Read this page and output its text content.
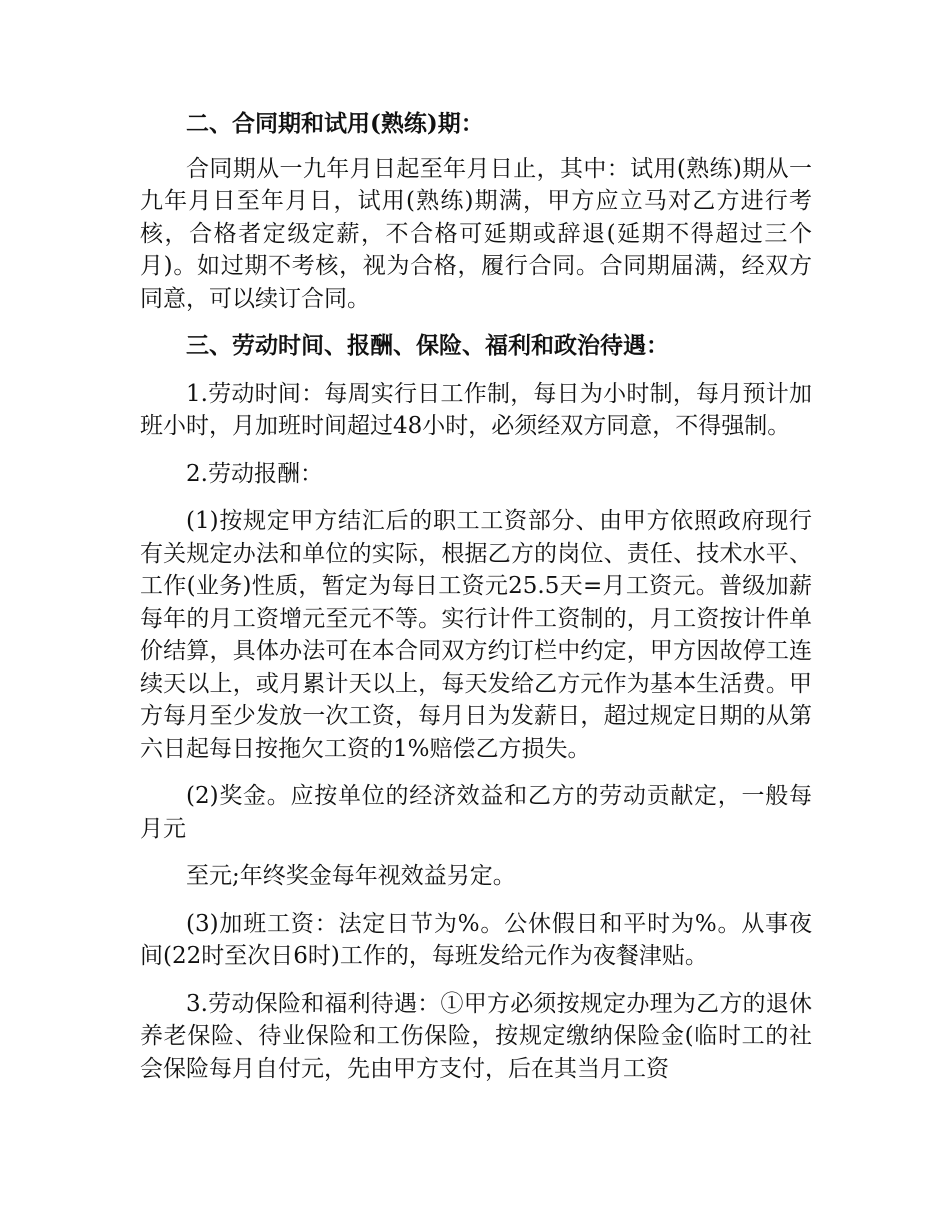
二、合同期和试用(熟练)期：

合同期从一九年月日起至年月日止，其中：试用(熟练)期从一九年月日至年月日，试用(熟练)期满，甲方应立马对乙方进行考核，合格者定级定薪，不合格可延期或辞退(延期不得超过三个月)。如过期不考核，视为合格，履行合同。合同期届满，经双方同意，可以续订合同。

三、劳动时间、报酬、保险、福利和政治待遇：

1.劳动时间：每周实行日工作制，每日为小时制，每月预计加班小时，月加班时间超过48小时，必须经双方同意，不得强制。

2.劳动报酬：

(1)按规定甲方结汇后的职工工资部分、由甲方依照政府现行有关规定办法和单位的实际，根据乙方的岗位、责任、技术水平、工作(业务)性质，暂定为每日工资元25.5天=月工资元。普级加薪每年的月工资增元至元不等。实行计件工资制的，月工资按计件单价结算，具体办法可在本合同双方约订栏中约定，甲方因故停工连续天以上，或月累计天以上，每天发给乙方元作为基本生活费。甲方每月至少发放一次工资，每月日为发薪日，超过规定日期的从第六日起每日按拖欠工资的1%赔偿乙方损失。

(2)奖金。应按单位的经济效益和乙方的劳动贡献定，一般每月元

至元;年终奖金每年视效益另定。

(3)加班工资：法定日节为%。公休假日和平时为%。从事夜间(22时至次日6时)工作的，每班发给元作为夜餐津贴。

3.劳动保险和福利待遇：①甲方必须按规定办理为乙方的退休养老保险、待业保险和工伤保险，按规定缴纳保险金(临时工的社会保险每月自付元，先由甲方支付，后在其当月工资
